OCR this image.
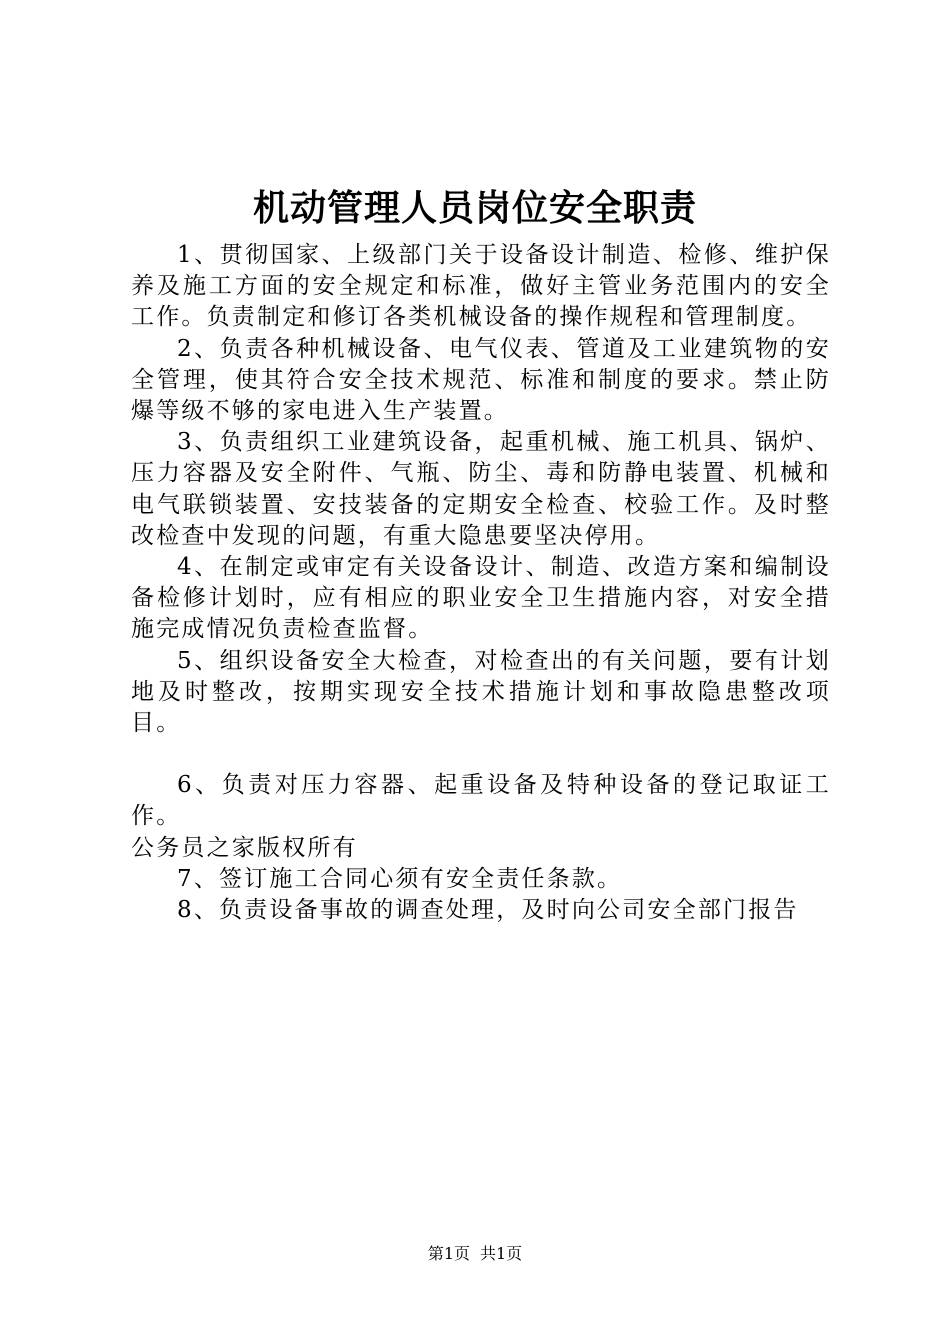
机动管理人员岗位安全职责

1、贯彻国家、上级部门关于设备设计制造、检修、维护保养及施工方面的安全规定和标准，做好主管业务范围内的安全工作。负责制定和修订各类机械设备的操作规程和管理制度。

2、负责各种机械设备、电气仪表、管道及工业建筑物的安全管理，使其符合安全技术规范、标准和制度的要求。禁止防爆等级不够的家电进入生产装置。

3、负责组织工业建筑设备，起重机械、施工机具、锅炉、压力容器及安全附件、气瓶、防尘、毒和防静电装置、机械和电气联锁装置、安技装备的定期安全检查、校验工作。及时整改检查中发现的问题，有重大隐患要坚决停用。

4、在制定或审定有关设备设计、制造、改造方案和编制设备检修计划时，应有相应的职业安全卫生措施内容，对安全措施完成情况负责检查监督。

5、组织设备安全大检查，对检查出的有关问题，要有计划地及时整改，按期实现安全技术措施计划和事故隐患整改项目。

6、负责对压力容器、起重设备及特种设备的登记取证工作。

公务员之家版权所有

7、签订施工合同心须有安全责任条款。

8、负责设备事故的调查处理，及时向公司安全部门报告

第1页 共1页
